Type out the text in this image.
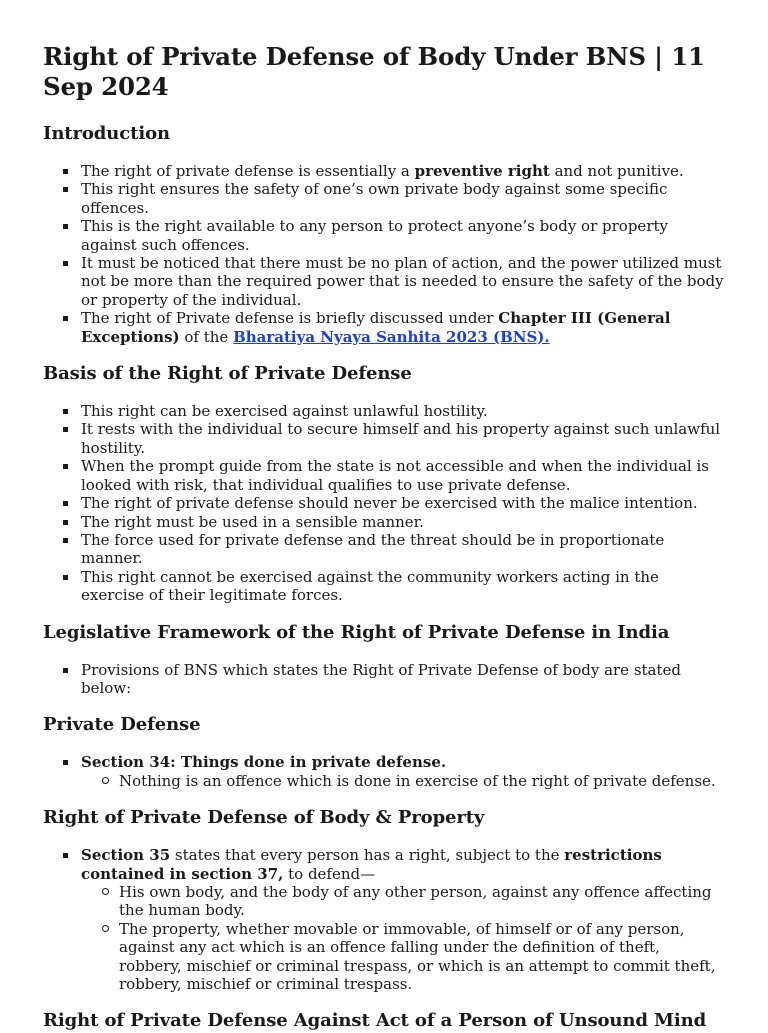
Right of Private Defense of Body Under BNS | 11 Sep 2024
Introduction
The right of private defense is essentially a preventive right and not punitive.
This right ensures the safety of one’s own private body against some specific offences.
This is the right available to any person to protect anyone’s body or property against such offences.
It must be noticed that there must be no plan of action, and the power utilized must not be more than the required power that is needed to ensure the safety of the body or property of the individual.
The right of Private defense is briefly discussed under Chapter III (General Exceptions) of the Bharatiya Nyaya Sanhita 2023 (BNS).
Basis of the Right of Private Defense
This right can be exercised against unlawful hostility.
It rests with the individual to secure himself and his property against such unlawful hostility.
When the prompt guide from the state is not accessible and when the individual is looked with risk, that individual qualifies to use private defense.
The right of private defense should never be exercised with the malice intention.
The right must be used in a sensible manner.
The force used for private defense and the threat should be in proportionate manner.
This right cannot be exercised against the community workers acting in the exercise of their legitimate forces.
Legislative Framework of the Right of Private Defense in India
Provisions of BNS which states the Right of Private Defense of body are stated below:
Private Defense
Section 34: Things done in private defense.
Nothing is an offence which is done in exercise of the right of private defense.
Right of Private Defense of Body & Property
Section 35 states that every person has a right, subject to the restrictions contained in section 37, to defend—
His own body, and the body of any other person, against any offence affecting the human body.
The property, whether movable or immovable, of himself or of any person, against any act which is an offence falling under the definition of theft, robbery, mischief or criminal trespass, or which is an attempt to commit theft, robbery, mischief or criminal trespass.
Right of Private Defense Against Act of a Person of Unsound Mind
